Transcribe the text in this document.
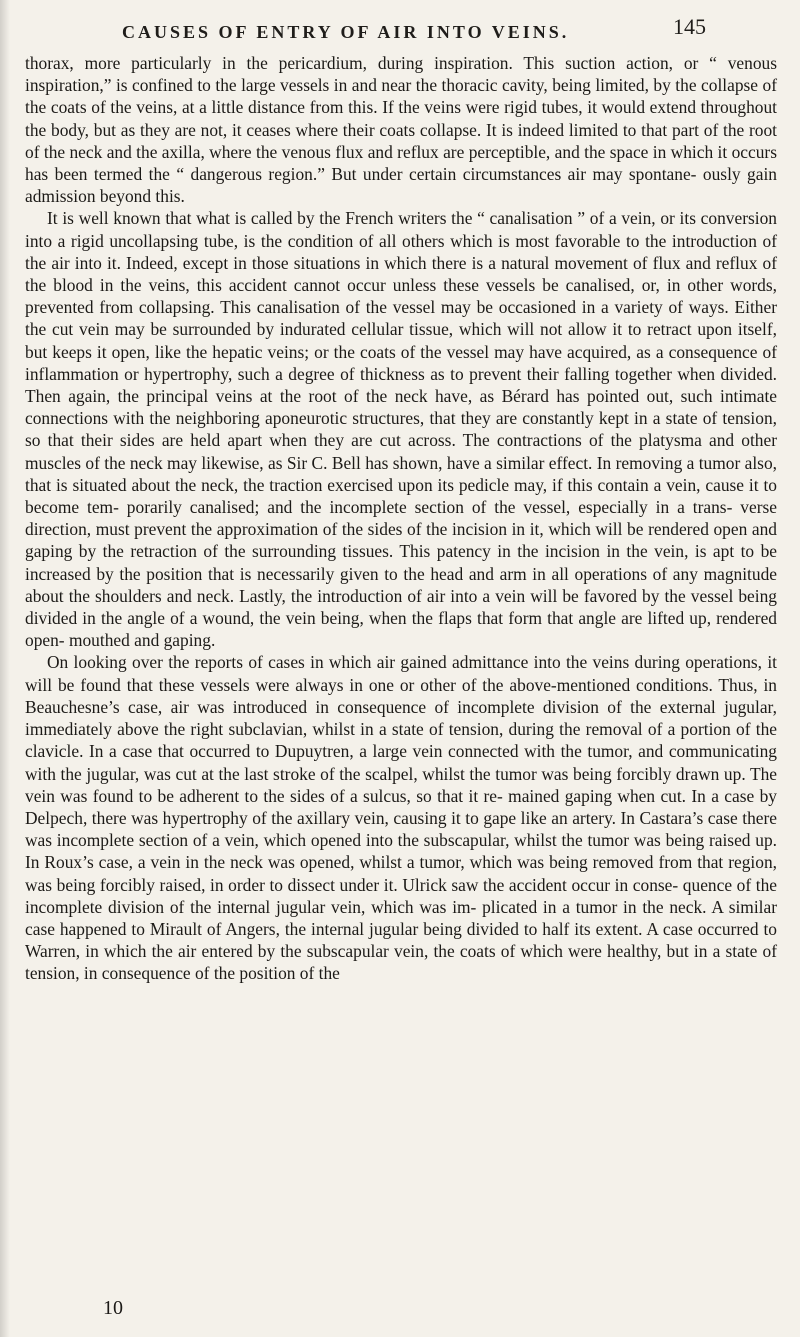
CAUSES OF ENTRY OF AIR INTO VEINS.	145

thorax, more particularly in the pericardium, during inspiration. This suction action, or “ venous inspiration,” is confined to the large vessels in and near the thoracic cavity, being limited, by the collapse of the coats of the veins, at a little distance from this. If the veins were rigid tubes, it would extend throughout the body, but as they are not, it ceases where their coats collapse. It is indeed limited to that part of the root of the neck and the axilla, where the venous flux and reflux are perceptible, and the space in which it occurs has been termed the “ dangerous region.” But under certain circumstances air may spontane- ously gain admission beyond this.

It is well known that what is called by the French writers the “ canalisation ” of a vein, or its conversion into a rigid uncollapsing tube, is the condition of all others which is most favorable to the introduction of the air into it. Indeed, except in those situations in which there is a natural movement of flux and reflux of the blood in the veins, this accident cannot occur unless these vessels be canalised, or, in other words, prevented from collapsing. This canalisation of the vessel may be occasioned in a variety of ways. Either the cut vein may be surrounded by indurated cellular tissue, which will not allow it to retract upon itself, but keeps it open, like the hepatic veins; or the coats of the vessel may have acquired, as a consequence of inflammation or hypertrophy, such a degree of thickness as to prevent their falling together when divided. Then again, the principal veins at the root of the neck have, as Bérard has pointed out, such intimate connections with the neighboring aponeurotic structures, that they are constantly kept in a state of tension, so that their sides are held apart when they are cut across. The contractions of the platysma and other muscles of the neck may likewise, as Sir C. Bell has shown, have a similar effect. In removing a tumor also, that is situated about the neck, the traction exercised upon its pedicle may, if this contain a vein, cause it to become tem- porarily canalised; and the incomplete section of the vessel, especially in a trans- verse direction, must prevent the approximation of the sides of the incision in it, which will be rendered open and gaping by the retraction of the surrounding tissues. This patency in the incision in the vein, is apt to be increased by the position that is necessarily given to the head and arm in all operations of any magnitude about the shoulders and neck. Lastly, the introduction of air into a vein will be favored by the vessel being divided in the angle of a wound, the vein being, when the flaps that form that angle are lifted up, rendered open- mouthed and gaping.

On looking over the reports of cases in which air gained admittance into the veins during operations, it will be found that these vessels were always in one or other of the above-mentioned conditions. Thus, in Beauchesne’s case, air was introduced in consequence of incomplete division of the external jugular, immediately above the right subclavian, whilst in a state of tension, during the removal of a portion of the clavicle. In a case that occurred to Dupuytren, a large vein connected with the tumor, and communicating with the jugular, was cut at the last stroke of the scalpel, whilst the tumor was being forcibly drawn up. The vein was found to be adherent to the sides of a sulcus, so that it re- mained gaping when cut. In a case by Delpech, there was hypertrophy of the axillary vein, causing it to gape like an artery. In Castara’s case there was incomplete section of a vein, which opened into the subscapular, whilst the tumor was being raised up. In Roux’s case, a vein in the neck was opened, whilst a tumor, which was being removed from that region, was being forcibly raised, in order to dissect under it. Ulrick saw the accident occur in conse- quence of the incomplete division of the internal jugular vein, which was im- plicated in a tumor in the neck. A similar case happened to Mirault of Angers, the internal jugular being divided to half its extent. A case occurred to Warren, in which the air entered by the subscapular vein, the coats of which were healthy, but in a state of tension, in consequence of the position of the

10
